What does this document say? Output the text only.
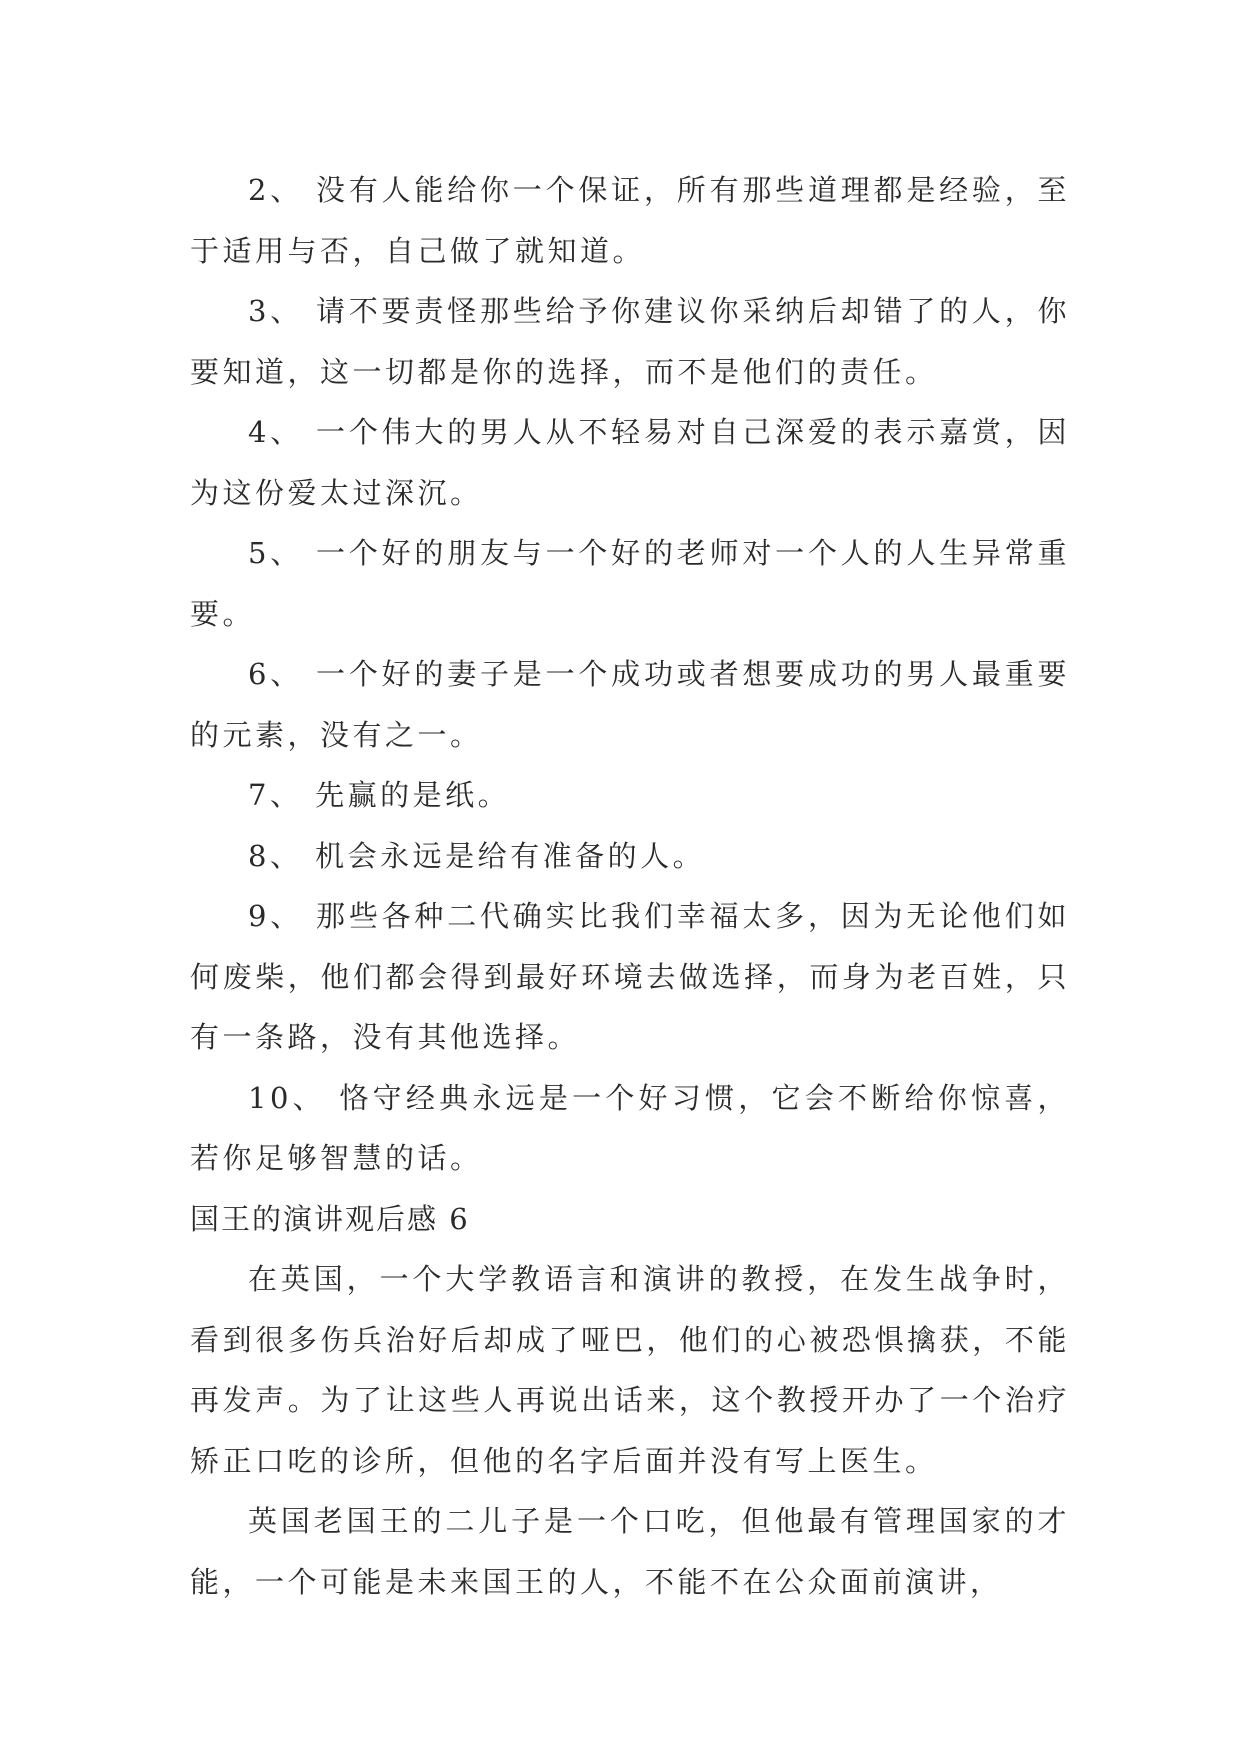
2、 没有人能给你一个保证，所有那些道理都是经验，至于适用与否，自己做了就知道。

3、 请不要责怪那些给予你建议你采纳后却错了的人，你要知道，这一切都是你的选择，而不是他们的责任。

4、 一个伟大的男人从不轻易对自己深爱的表示嘉赏，因为这份爱太过深沉。

5、 一个好的朋友与一个好的老师对一个人的人生异常重要。

6、 一个好的妻子是一个成功或者想要成功的男人最重要的元素，没有之一。

7、 先赢的是纸。

8、 机会永远是给有准备的人。

9、 那些各种二代确实比我们幸福太多，因为无论他们如何废柴，他们都会得到最好环境去做选择，而身为老百姓，只有一条路，没有其他选择。

10、 恪守经典永远是一个好习惯，它会不断给你惊喜，若你足够智慧的话。

国王的演讲观后感 6

在英国，一个大学教语言和演讲的教授，在发生战争时，看到很多伤兵治好后却成了哑巴，他们的心被恐惧擒获，不能再发声。为了让这些人再说出话来，这个教授开办了一个治疗矫正口吃的诊所，但他的名字后面并没有写上医生。

英国老国王的二儿子是一个口吃，但他最有管理国家的才能，一个可能是未来国王的人，不能不在公众面前演讲，
